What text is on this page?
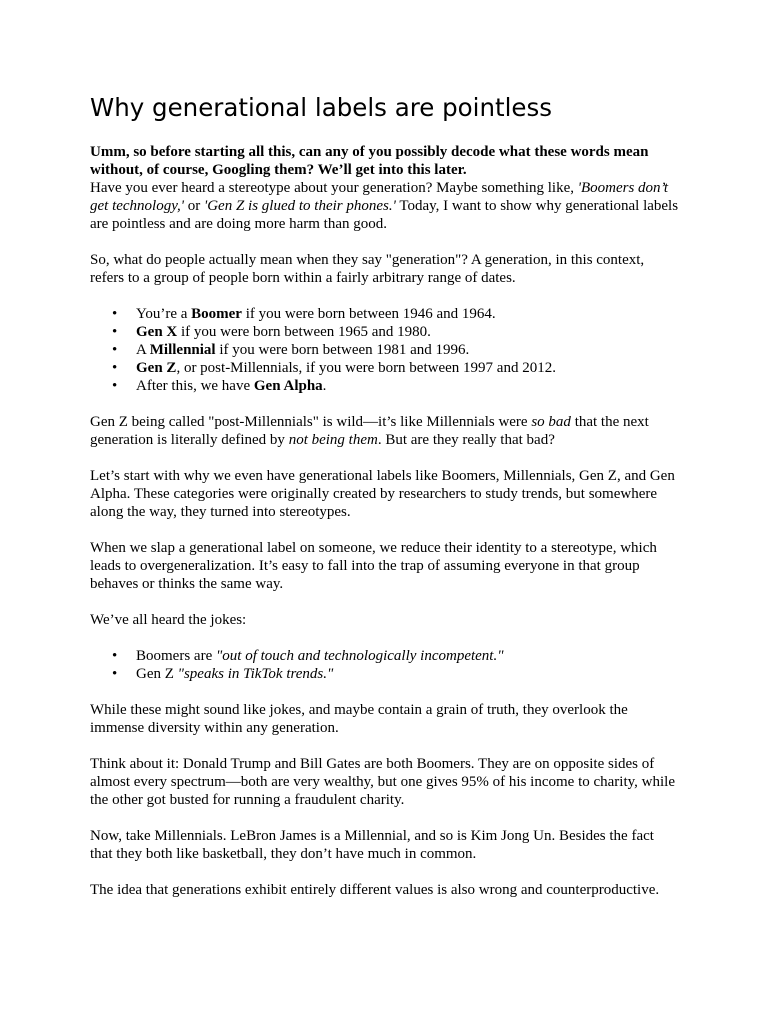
Why generational labels are pointless

Umm, so before starting all this, can any of you possibly decode what these words mean without, of course, Googling them? We’ll get into this later.

Have you ever heard a stereotype about your generation? Maybe something like, 'Boomers don’t get technology,' or 'Gen Z is glued to their phones.' Today, I want to show why generational labels are pointless and are doing more harm than good.

So, what do people actually mean when they say "generation"? A generation, in this context, refers to a group of people born within a fairly arbitrary range of dates.

• You’re a Boomer if you were born between 1946 and 1964.
• Gen X if you were born between 1965 and 1980.
• A Millennial if you were born between 1981 and 1996.
• Gen Z, or post-Millennials, if you were born between 1997 and 2012.
• After this, we have Gen Alpha.

Gen Z being called "post-Millennials" is wild—it’s like Millennials were so bad that the next generation is literally defined by not being them. But are they really that bad?

Let’s start with why we even have generational labels like Boomers, Millennials, Gen Z, and Gen Alpha. These categories were originally created by researchers to study trends, but somewhere along the way, they turned into stereotypes.

When we slap a generational label on someone, we reduce their identity to a stereotype, which leads to overgeneralization. It’s easy to fall into the trap of assuming everyone in that group behaves or thinks the same way.

We’ve all heard the jokes:

• Boomers are "out of touch and technologically incompetent."
• Gen Z "speaks in TikTok trends."

While these might sound like jokes, and maybe contain a grain of truth, they overlook the immense diversity within any generation.

Think about it: Donald Trump and Bill Gates are both Boomers. They are on opposite sides of almost every spectrum—both are very wealthy, but one gives 95% of his income to charity, while the other got busted for running a fraudulent charity.

Now, take Millennials. LeBron James is a Millennial, and so is Kim Jong Un. Besides the fact that they both like basketball, they don’t have much in common.

The idea that generations exhibit entirely different values is also wrong and counterproductive.
